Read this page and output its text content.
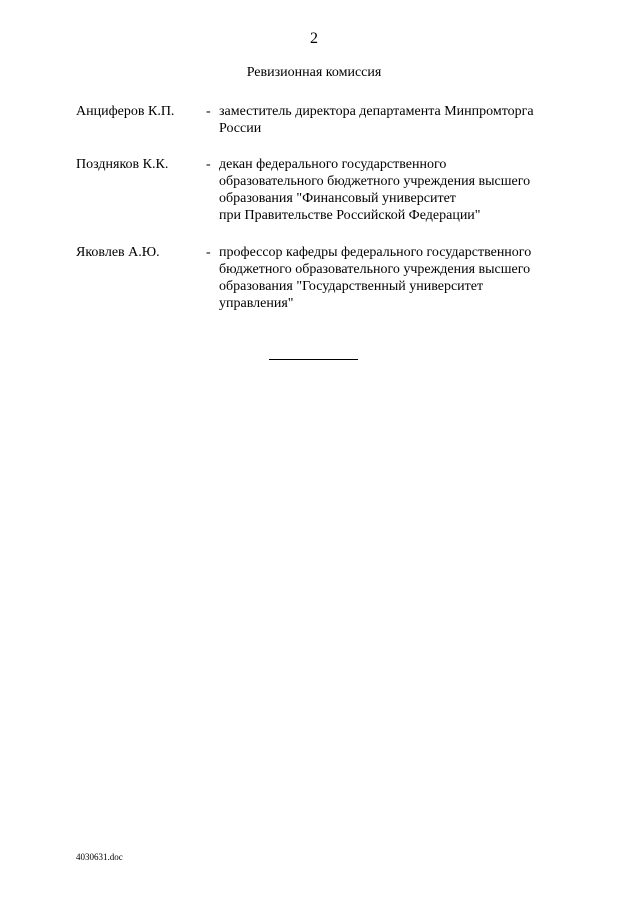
2
Ревизионная комиссия
Анциферов К.П. - заместитель директора департамента Минпромторга
России
Поздняков К.К.	- декан федерального государственного
образовательного бюджетного учреждения высшего
образования "Финансовый университет
при Правительстве Российской Федерации"
Яковлев А.Ю.	- профессор кафедры федерального государственного
бюджетного образовательного учреждения высшего
образования "Государственный университет
управления"
4030631.doc
